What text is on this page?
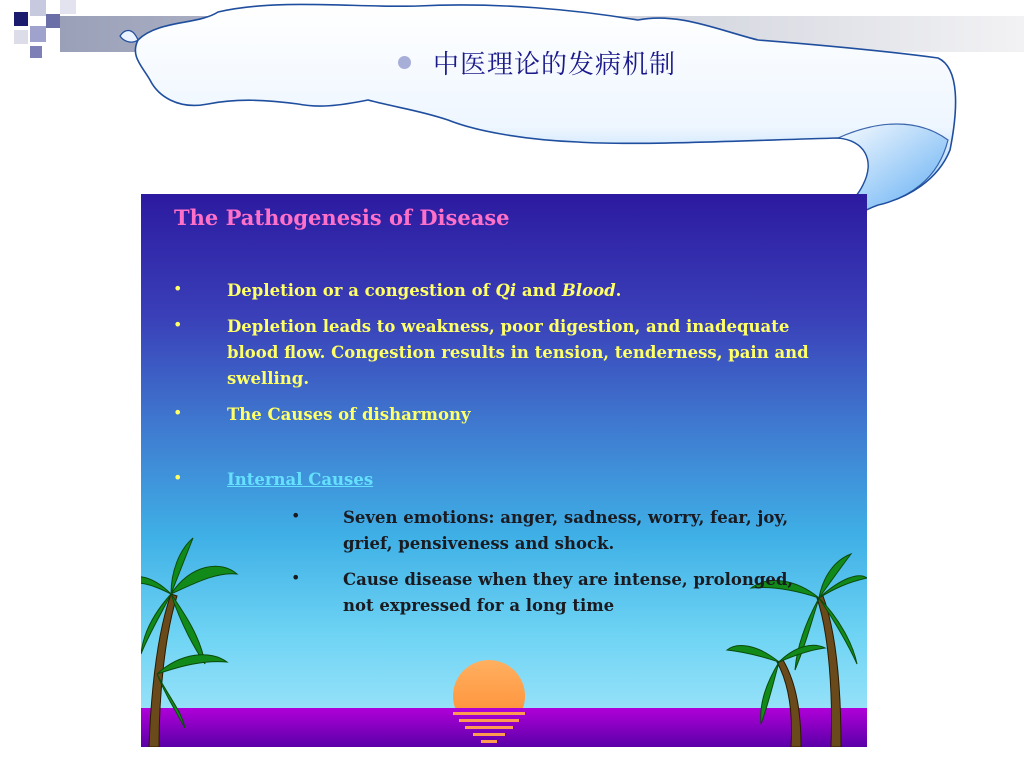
中医理论的发病机制
The Pathogenesis of Disease
•	Depletion or a congestion of Qi and Blood.
•	Depletion leads to weakness, poor digestion, and inadequate
blood flow. Congestion results in tension, tenderness, pain and
swelling.
•	The Causes of disharmony
•	Internal Causes
•	Seven emotions: anger, sadness, worry, fear, joy,
grief, pensiveness and shock.
•	Cause disease when they are intense, prolonged,
not expressed for a long time
